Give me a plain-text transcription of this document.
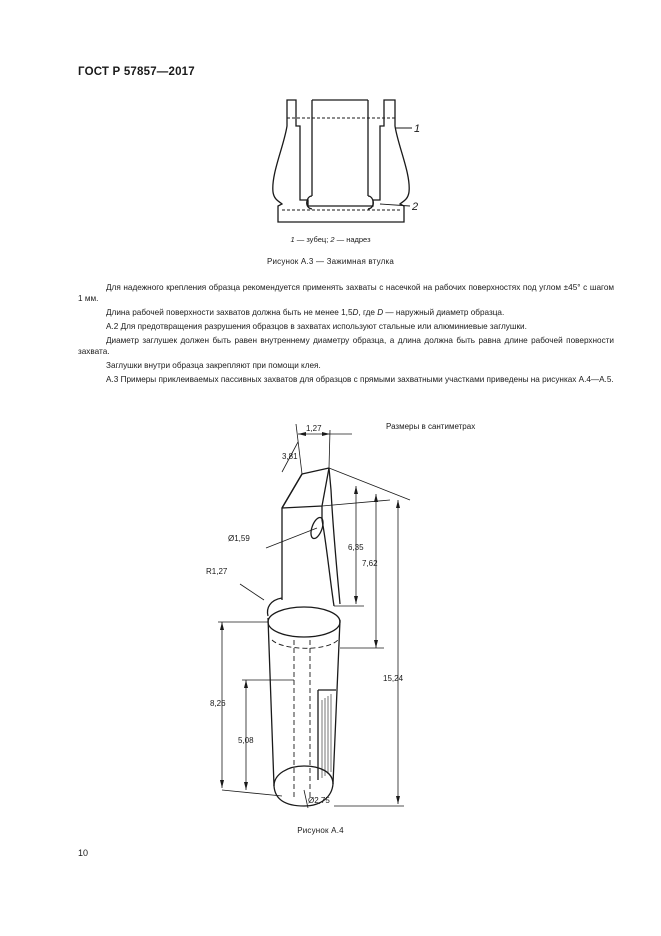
ГОСТ Р 57857—2017
1
2
1 — зубец; 2 — надрез
Рисунок А.3 — Зажимная втулка

Для надежного крепления образца рекомендуется применять захваты с насечкой на рабочих поверхностях под углом ±45° с шагом 1 мм.

Длина рабочей поверхности захватов должна быть не менее 1,5D, где D — наружный диаметр образца.

А.2 Для предотвращения разрушения образцов в захватах используют стальные или алюминиевые заглушки.

Диаметр заглушек должен быть равен внутреннему диаметру образца, а длина должна быть равна длине рабочей поверхности захвата.

Заглушки внутри образца закрепляют при помощи клея.

А.3 Примеры приклеиваемых пассивных захватов для образцов с прямыми захватными участками приведены на рисунках А.4—А.5.

Размеры в сантиметрах
1,27
3,81
Ø1,59
R1,27
6,35
7,62
15,24
8,26
5,08
Ø2,75
Рисунок А.4
10
